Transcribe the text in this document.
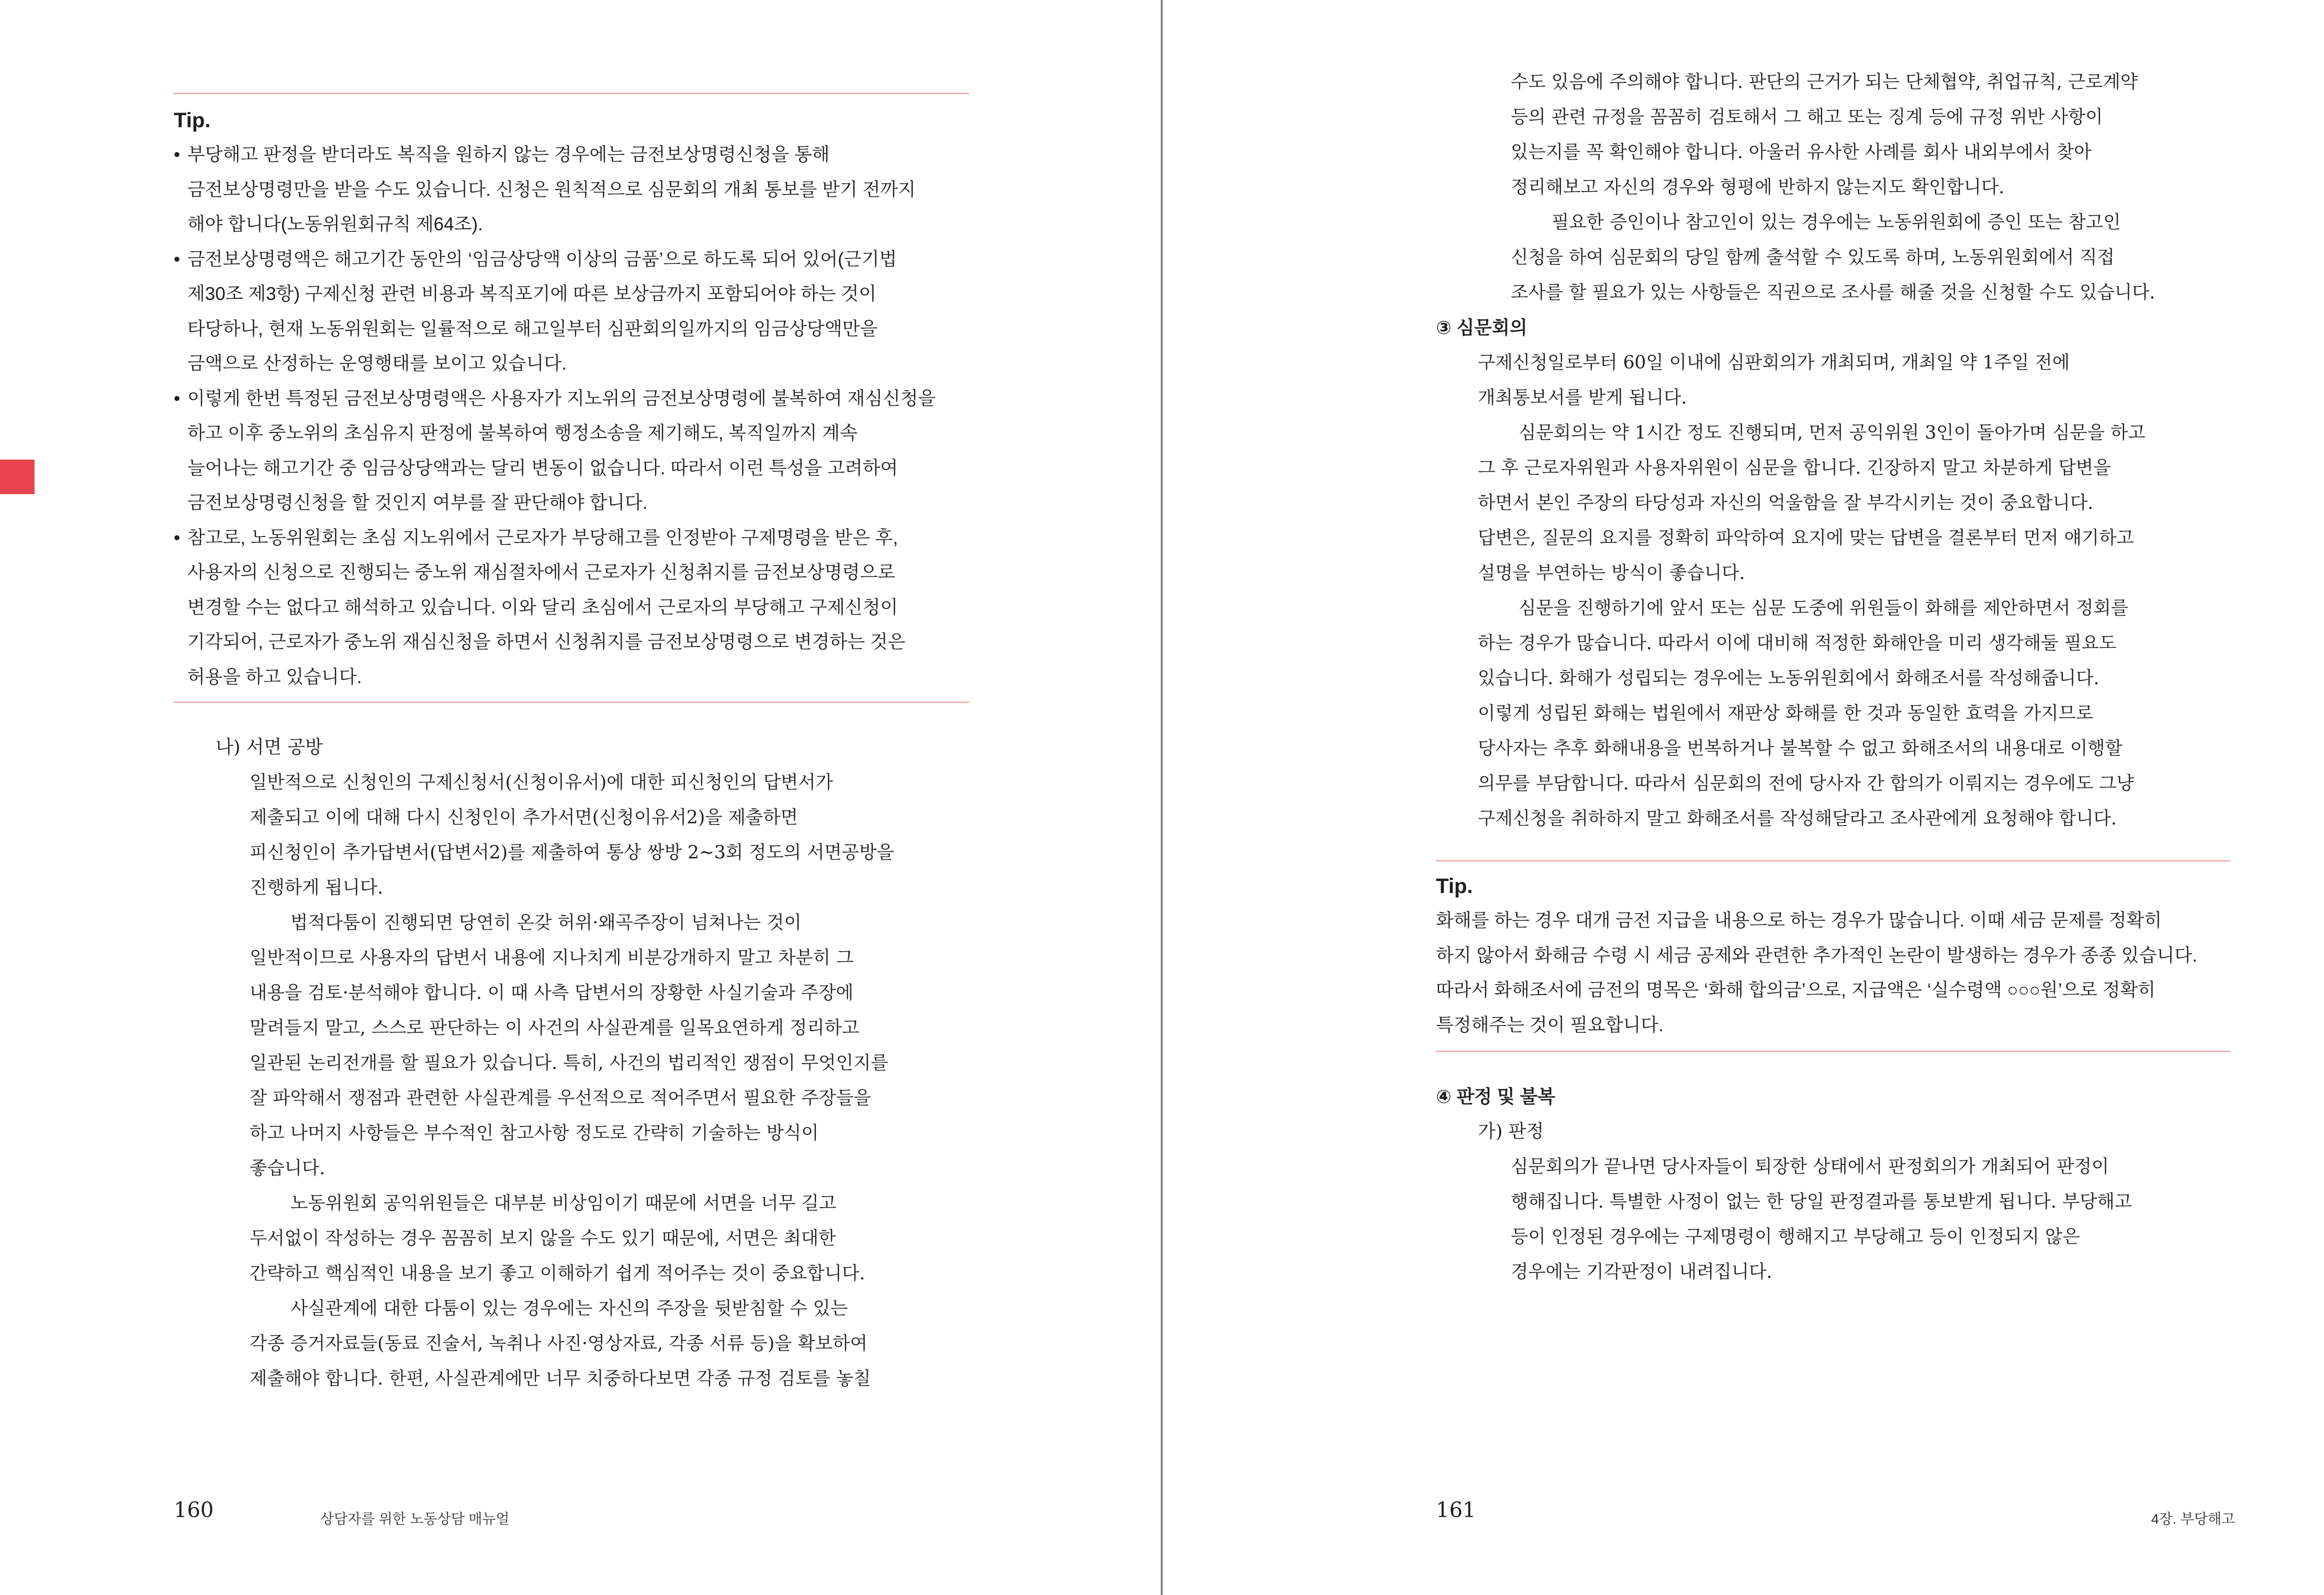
Tip.

• 부당해고 판정을 받더라도 복직을 원하지 않는 경우에는 금전보상명령신청을 통해
금전보상명령만을 받을 수도 있습니다. 신청은 원칙적으로 심문회의 개최 통보를 받기 전까지
해야 합니다(노동위원회규칙 제64조).

• 금전보상명령액은 해고기간 동안의 ‘임금상당액 이상의 금품’으로 하도록 되어 있어(근기법
제30조 제3항) 구제신청 관련 비용과 복직포기에 따른 보상금까지 포함되어야 하는 것이
타당하나, 현재 노동위원회는 일률적으로 해고일부터 심판회의일까지의 임금상당액만을
금액으로 산정하는 운영행태를 보이고 있습니다.

• 이렇게 한번 특정된 금전보상명령액은 사용자가 지노위의 금전보상명령에 불복하여 재심신청을
하고 이후 중노위의 초심유지 판정에 불복하여 행정소송을 제기해도, 복직일까지 계속
늘어나는 해고기간 중 임금상당액과는 달리 변동이 없습니다. 따라서 이런 특성을 고려하여
금전보상명령신청을 할 것인지 여부를 잘 판단해야 합니다.

• 참고로, 노동위원회는 초심 지노위에서 근로자가 부당해고를 인정받아 구제명령을 받은 후,
사용자의 신청으로 진행되는 중노위 재심절차에서 근로자가 신청취지를 금전보상명령으로
변경할 수는 없다고 해석하고 있습니다. 이와 달리 초심에서 근로자의 부당해고 구제신청이
기각되어, 근로자가 중노위 재심신청을 하면서 신청취지를 금전보상명령으로 변경하는 것은
허용을 하고 있습니다.

나) 서면 공방

일반적으로 신청인의 구제신청서(신청이유서)에 대한 피신청인의 답변서가
제출되고 이에 대해 다시 신청인이 추가서면(신청이유서2)을 제출하면
피신청인이 추가답변서(답변서2)를 제출하여 통상 쌍방 2~3회 정도의 서면공방을
진행하게 됩니다.

법적다툼이 진행되면 당연히 온갖 허위·왜곡주장이 넘쳐나는 것이
일반적이므로 사용자의 답변서 내용에 지나치게 비분강개하지 말고 차분히 그
내용을 검토·분석해야 합니다. 이 때 사측 답변서의 장황한 사실기술과 주장에
말려들지 말고, 스스로 판단하는 이 사건의 사실관계를 일목요연하게 정리하고
일관된 논리전개를 할 필요가 있습니다. 특히, 사건의 법리적인 쟁점이 무엇인지를
잘 파악해서 쟁점과 관련한 사실관계를 우선적으로 적어주면서 필요한 주장들을
하고 나머지 사항들은 부수적인 참고사항 정도로 간략히 기술하는 방식이
좋습니다.

노동위원회 공익위원들은 대부분 비상임이기 때문에 서면을 너무 길고
두서없이 작성하는 경우 꼼꼼히 보지 않을 수도 있기 때문에, 서면은 최대한
간략하고 핵심적인 내용을 보기 좋고 이해하기 쉽게 적어주는 것이 중요합니다.

사실관계에 대한 다툼이 있는 경우에는 자신의 주장을 뒷받침할 수 있는
각종 증거자료들(동료 진술서, 녹취나 사진·영상자료, 각종 서류 등)을 확보하여
제출해야 합니다. 한편, 사실관계에만 너무 치중하다보면 각종 규정 검토를 놓칠

160	상담자를 위한 노동상담 매뉴얼

수도 있음에 주의해야 합니다. 판단의 근거가 되는 단체협약, 취업규칙, 근로계약
등의 관련 규정을 꼼꼼히 검토해서 그 해고 또는 징계 등에 규정 위반 사항이
있는지를 꼭 확인해야 합니다. 아울러 유사한 사례를 회사 내외부에서 찾아
정리해보고 자신의 경우와 형평에 반하지 않는지도 확인합니다.

필요한 증인이나 참고인이 있는 경우에는 노동위원회에 증인 또는 참고인
신청을 하여 심문회의 당일 함께 출석할 수 있도록 하며, 노동위원회에서 직접
조사를 할 필요가 있는 사항들은 직권으로 조사를 해줄 것을 신청할 수도 있습니다.

③ 심문회의

구제신청일로부터 60일 이내에 심판회의가 개최되며, 개최일 약 1주일 전에
개최통보서를 받게 됩니다.

심문회의는 약 1시간 정도 진행되며, 먼저 공익위원 3인이 돌아가며 심문을 하고
그 후 근로자위원과 사용자위원이 심문을 합니다. 긴장하지 말고 차분하게 답변을
하면서 본인 주장의 타당성과 자신의 억울함을 잘 부각시키는 것이 중요합니다.
답변은, 질문의 요지를 정확히 파악하여 요지에 맞는 답변을 결론부터 먼저 얘기하고
설명을 부연하는 방식이 좋습니다.

심문을 진행하기에 앞서 또는 심문 도중에 위원들이 화해를 제안하면서 정회를
하는 경우가 많습니다. 따라서 이에 대비해 적정한 화해안을 미리 생각해둘 필요도
있습니다. 화해가 성립되는 경우에는 노동위원회에서 화해조서를 작성해줍니다.
이렇게 성립된 화해는 법원에서 재판상 화해를 한 것과 동일한 효력을 가지므로
당사자는 추후 화해내용을 번복하거나 불복할 수 없고 화해조서의 내용대로 이행할
의무를 부담합니다. 따라서 심문회의 전에 당사자 간 합의가 이뤄지는 경우에도 그냥
구제신청을 취하하지 말고 화해조서를 작성해달라고 조사관에게 요청해야 합니다.

Tip.

화해를 하는 경우 대개 금전 지급을 내용으로 하는 경우가 많습니다. 이때 세금 문제를 정확히
하지 않아서 화해금 수령 시 세금 공제와 관련한 추가적인 논란이 발생하는 경우가 종종 있습니다.
따라서 화해조서에 금전의 명목은 ‘화해 합의금’으로, 지급액은 ‘실수령액 ○○○원’으로 정확히
특정해주는 것이 필요합니다.

④ 판정 및 불복

가) 판정

심문회의가 끝나면 당사자들이 퇴장한 상태에서 판정회의가 개최되어 판정이
행해집니다. 특별한 사정이 없는 한 당일 판정결과를 통보받게 됩니다. 부당해고
등이 인정된 경우에는 구제명령이 행해지고 부당해고 등이 인정되지 않은
경우에는 기각판정이 내려집니다.

161	4장. 부당해고
